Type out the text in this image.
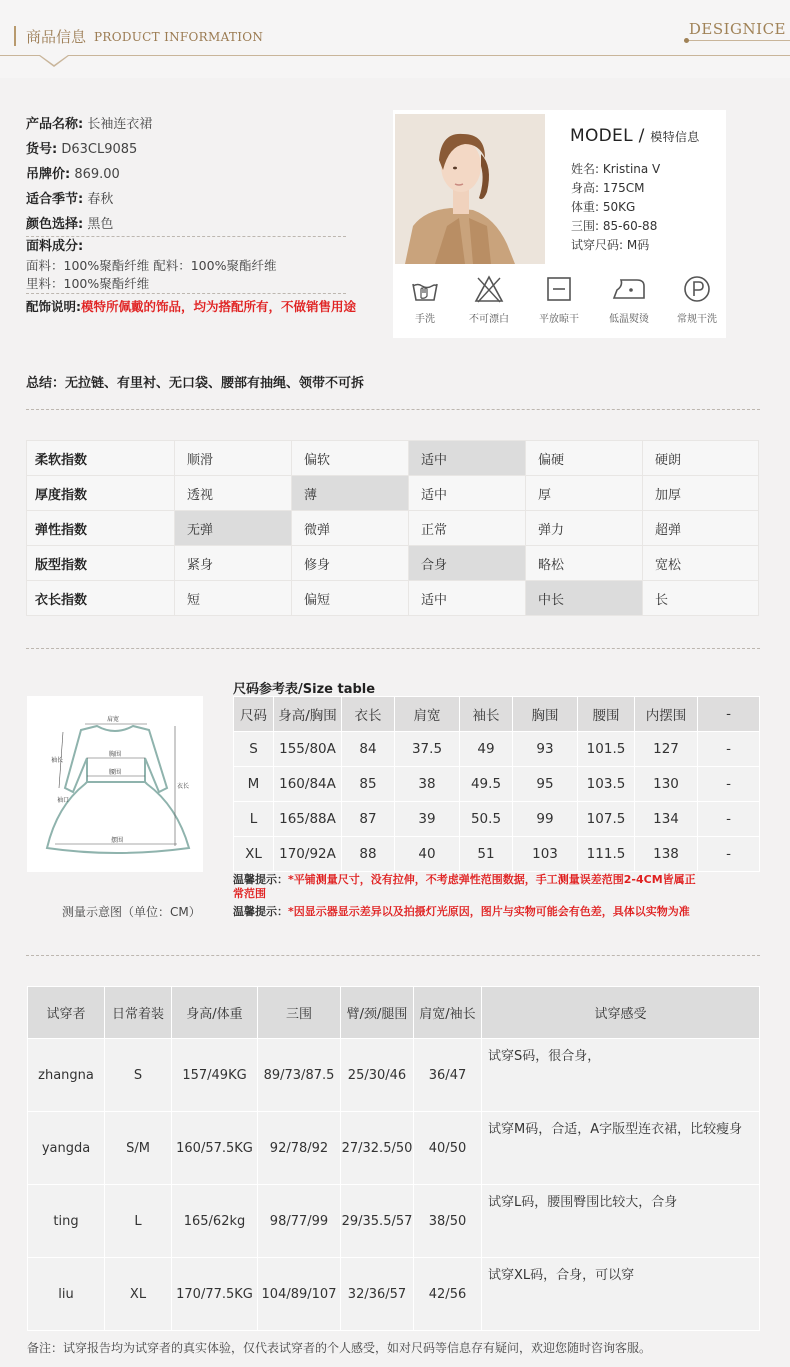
商品信息 PRODUCT INFORMATION	DESIGNICE
产品名称: 长袖连衣裙
货号: D63CL9085
吊牌价: 869.00
适合季节: 春秋
颜色选择: 黑色
面料成分:
面料：100%聚酯纤维 配料：100%聚酯纤维
里料：100%聚酯纤维
配饰说明:模特所佩戴的饰品，均为搭配所有，不做销售用途
MODEL / 模特信息
姓名: Kristina V
身高: 175CM
体重: 50KG
三围: 85-60-88
试穿尺码: M码
手洗	不可漂白	平放晾干	低温熨烫	常规干洗
总结：无拉链、有里衬、无口袋、腰部有抽绳、领带不可拆
柔软指数	顺滑	偏软	适中	偏硬	硬朗
厚度指数	透视	薄	适中	厚	加厚
弹性指数	无弹	微弹	正常	弹力	超弹
版型指数	紧身	修身	合身	略松	宽松
衣长指数	短	偏短	适中	中长	长
肩宽
胸围
腰围
摆围
衣长
袖长
袖口
测量示意图（单位：CM）
尺码参考表/Size table
尺码	身高/胸围	衣长	肩宽	袖长	胸围	腰围	内摆围	-
S	155/80A	84	37.5	49	93	101.5	127	-
M	160/84A	85	38	49.5	95	103.5	130	-
L	165/88A	87	39	50.5	99	107.5	134	-
XL	170/92A	88	40	51	103	111.5	138	-
温馨提示：*平铺测量尺寸，没有拉伸，不考虑弹性范围数据，手工测量误差范围2-4CM皆属正
常范围
温馨提示：*因显示器显示差异以及拍摄灯光原因，图片与实物可能会有色差，具体以实物为准
试穿者	日常着装	身高/体重	三围	臂/颈/腿围	肩宽/袖长	试穿感受
zhangna	S	157/49KG	89/73/87.5	25/30/46	36/47	试穿S码，很合身，
yangda	S/M	160/57.5KG	92/78/92	27/32.5/50	40/50	试穿M码，合适，A字版型连衣裙，比较瘦身
ting	L	165/62kg	98/77/99	29/35.5/57	38/50	试穿L码，腰围臀围比较大，合身
liu	XL	170/77.5KG	104/89/107	32/36/57	42/56	试穿XL码，合身，可以穿
备注：试穿报告均为试穿者的真实体验，仅代表试穿者的个人感受，如对尺码等信息存有疑问，欢迎您随时咨询客服。
